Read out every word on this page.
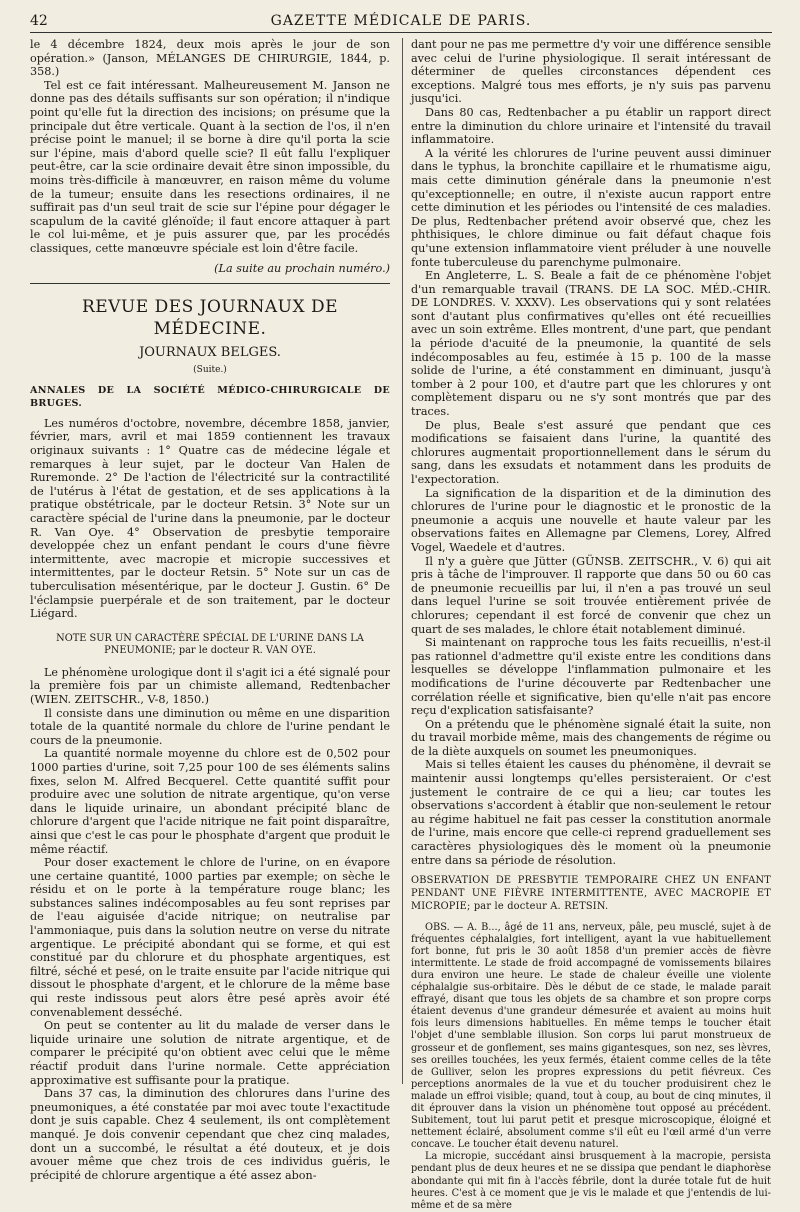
42	GAZETTE MÉDICALE DE PARIS.

le 4 décembre 1824, deux mois après le jour de son opération.» (Janson, MÉLANGES DE CHIRURGIE, 1844, p. 358.)

Tel est ce fait intéressant. Malheureusement M. Janson ne donne pas des détails suffisants sur son opération; il n'indique point qu'elle fut la direction des incisions; on présume que la principale dut être verticale. Quant à la section de l'os, il n'en précise point le manuel; il se borne à dire qu'il porta la scie sur l'épine, mais d'abord quelle scie? Il eût fallu l'expliquer peut-être, car la scie ordinaire devait être sinon impossible, du moins très-difficile à manœuvrer, en raison même du volume de la tumeur; ensuite dans les resections ordinaires, il ne suffirait pas d'un seul trait de scie sur l'épine pour dégager le scapulum de la cavité glénoïde; il faut encore attaquer à part le col lui-même, et je puis assurer que, par les procédés classiques, cette manœuvre spéciale est loin d'être facile.

(La suite au prochain numéro.)

REVUE DES JOURNAUX DE MÉDECINE.

JOURNAUX BELGES.

(Suite.)

ANNALES DE LA SOCIÉTÉ MÉDICO-CHIRURGICALE DE BRUGES.

Les numéros d'octobre, novembre, décembre 1858, janvier, février, mars, avril et mai 1859 contiennent les travaux originaux suivants : 1° Quatre cas de médecine légale et remarques à leur sujet, par le docteur Van Halen de Ruremonde. 2° De l'action de l'électricité sur la contractilité de l'utérus à l'état de gestation, et de ses applications à la pratique obstétricale, par le docteur Retsin. 3° Note sur un caractère spécial de l'urine dans la pneumonie, par le docteur R. Van Oye. 4° Observation de presbytie temporaire developpée chez un enfant pendant le cours d'une fièvre intermittente, avec macropie et micropie successives et intermittentes, par le docteur Retsin. 5° Note sur un cas de tuberculisation mésentérique, par le docteur J. Gustin. 6° De l'éclampsie puerpérale et de son traitement, par le docteur Liégard.

NOTE SUR UN CARACTÈRE SPÉCIAL DE L'URINE DANS LA PNEUMONIE; par le docteur R. VAN OYE.

Le phénomène urologique dont il s'agit ici a été signalé pour la première fois par un chimiste allemand, Redtenbacher (WIEN. ZEITSCHR., V-8, 1850.)

Il consiste dans une diminution ou même en une disparition totale de la quantité normale du chlore de l'urine pendant le cours de la pneumonie.

La quantité normale moyenne du chlore est de 0,502 pour 1000 parties d'urine, soit 7,25 pour 100 de ses éléments salins fixes, selon M. Alfred Becquerel. Cette quantité suffit pour produire avec une solution de nitrate argentique, qu'on verse dans le liquide urinaire, un abondant précipité blanc de chlorure d'argent que l'acide nitrique ne fait point disparaître, ainsi que c'est le cas pour le phosphate d'argent que produit le même réactif.

Pour doser exactement le chlore de l'urine, on en évapore une certaine quantité, 1000 parties par exemple; on sèche le résidu et on le porte à la température rouge blanc; les substances salines indécomposables au feu sont reprises par de l'eau aiguisée d'acide nitrique; on neutralise par l'ammoniaque, puis dans la solution neutre on verse du nitrate argentique. Le précipité abondant qui se forme, et qui est constitué par du chlorure et du phosphate argentiques, est filtré, séché et pesé, on le traite ensuite par l'acide nitrique qui dissout le phosphate d'argent, et le chlorure de la même base qui reste indissous peut alors être pesé après avoir été convenablement desséché.

On peut se contenter au lit du malade de verser dans le liquide urinaire une solution de nitrate argentique, et de comparer le précipité qu'on obtient avec celui que le même réactif produit dans l'urine normale. Cette appréciation approximative est suffisante pour la pratique.

Dans 37 cas, la diminution des chlorures dans l'urine des pneumoniques, a été constatée par moi avec toute l'exactitude dont je suis capable. Chez 4 seulement, ils ont complètement manqué. Je dois convenir cependant que chez cinq malades, dont un a succombé, le résultat a été douteux, et je dois avouer même que chez trois de ces individus guéris, le précipité de chlorure argentique a été assez abon-

dant pour ne pas me permettre d'y voir une différence sensible avec celui de l'urine physiologique. Il serait intéressant de déterminer de quelles circonstances dépendent ces exceptions. Malgré tous mes efforts, je n'y suis pas parvenu jusqu'ici.

Dans 80 cas, Redtenbacher a pu établir un rapport direct entre la diminution du chlore urinaire et l'intensité du travail inflammatoire.

A la vérité les chlorures de l'urine peuvent aussi diminuer dans le typhus, la bronchite capillaire et le rhumatisme aigu, mais cette diminution générale dans la pneumonie n'est qu'exceptionnelle; en outre, il n'existe aucun rapport entre cette diminution et les périodes ou l'intensité de ces maladies. De plus, Redtenbacher prétend avoir observé que, chez les phthisiques, le chlore diminue ou fait défaut chaque fois qu'une extension inflammatoire vient préluder à une nouvelle fonte tuberculeuse du parenchyme pulmonaire.

En Angleterre, L. S. Beale a fait de ce phénomène l'objet d'un remarquable travail (TRANS. DE LA SOC. MÉD.-CHIR. DE LONDRES. V. XXXV). Les observations qui y sont relatées sont d'autant plus confirmatives qu'elles ont été recueillies avec un soin extrême. Elles montrent, d'une part, que pendant la période d'acuité de la pneumonie, la quantité de sels indécomposables au feu, estimée à 15 p. 100 de la masse solide de l'urine, a été constamment en diminuant, jusqu'à tomber à 2 pour 100, et d'autre part que les chlorures y ont complètement disparu ou ne s'y sont montrés que par des traces.

De plus, Beale s'est assuré que pendant que ces modifications se faisaient dans l'urine, la quantité des chlorures augmentait proportionnellement dans le sérum du sang, dans les exsudats et notamment dans les produits de l'expectoration.

La signification de la disparition et de la diminution des chlorures de l'urine pour le diagnostic et le pronostic de la pneumonie a acquis une nouvelle et haute valeur par les observations faites en Allemagne par Clemens, Lorey, Alfred Vogel, Waedele et d'autres.

Il n'y a guère que Jütter (GÜNSB. ZEITSCHR., V. 6) qui ait pris à tâche de l'improuver. Il rapporte que dans 50 ou 60 cas de pneumonie recueillis par lui, il n'en a pas trouvé un seul dans lequel l'urine se soit trouvée entièrement privée de chlorures; cependant il est forcé de convenir que chez un quart de ses malades, le chlore était notablement diminué.

Si maintenant on rapproche tous les faits recueillis, n'est-il pas rationnel d'admettre qu'il existe entre les conditions dans lesquelles se développe l'inflammation pulmonaire et les modifications de l'urine découverte par Redtenbacher une corrélation réelle et significative, bien qu'elle n'ait pas encore reçu d'explication satisfaisante?

On a prétendu que le phénomène signalé était la suite, non du travail morbide même, mais des changements de régime ou de la diète auxquels on soumet les pneumoniques.

Mais si telles étaient les causes du phénomène, il devrait se maintenir aussi longtemps qu'elles persisteraient. Or c'est justement le contraire de ce qui a lieu; car toutes les observations s'accordent à établir que non-seulement le retour au régime habituel ne fait pas cesser la constitution anormale de l'urine, mais encore que celle-ci reprend graduellement ses caractères physiologiques dès le moment où la pneumonie entre dans sa période de résolution.

OBSERVATION DE PRESBYTIE TEMPORAIRE CHEZ UN ENFANT PENDANT UNE FIÈVRE INTERMITTENTE, AVEC MACROPIE ET MICROPIE; par le docteur A. RETSIN.

OBS. — A. B..., âgé de 11 ans, nerveux, pâle, peu musclé, sujet à de fréquentes céphalalgies, fort intelligent, ayant la vue habituellement fort bonne, fut pris le 30 août 1858 d'un premier accès de fièvre intermittente. Le stade de froid accompagné de vomissements bilaires dura environ une heure. Le stade de chaleur éveille une violente céphalalgie sus-orbitaire. Dès le début de ce stade, le malade parait effrayé, disant que tous les objets de sa chambre et son propre corps étaient devenus d'une grandeur démesurée et avaient au moins huit fois leurs dimensions habituelles. En même temps le toucher était l'objet d'une semblable illusion. Son corps lui parut monstrueux de grosseur et de gonflement, ses mains gigantesques, son nez, ses lèvres, ses oreilles touchées, les yeux fermés, étaient comme celles de la tête de Gulliver, selon les propres expressions du petit fiévreux. Ces perceptions anormales de la vue et du toucher produisirent chez le malade un effroi visible; quand, tout à coup, au bout de cinq minutes, il dit éprouver dans la vision un phénomène tout opposé au précédent. Subitement, tout lui parut petit et presque microscopique, éloigné et nettement éclairé, absolument comme s'il eût eu l'œil armé d'un verre concave. Le toucher était devenu naturel.

La micropie, succédant ainsi brusquement à la macropie, persista pendant plus de deux heures et ne se dissipa que pendant le diaphorèse abondante qui mit fin à l'accès fébrile, dont la durée totale fut de huit heures. C'est à ce moment que je vis le malade et que j'entendis de lui-même et de sa mère
